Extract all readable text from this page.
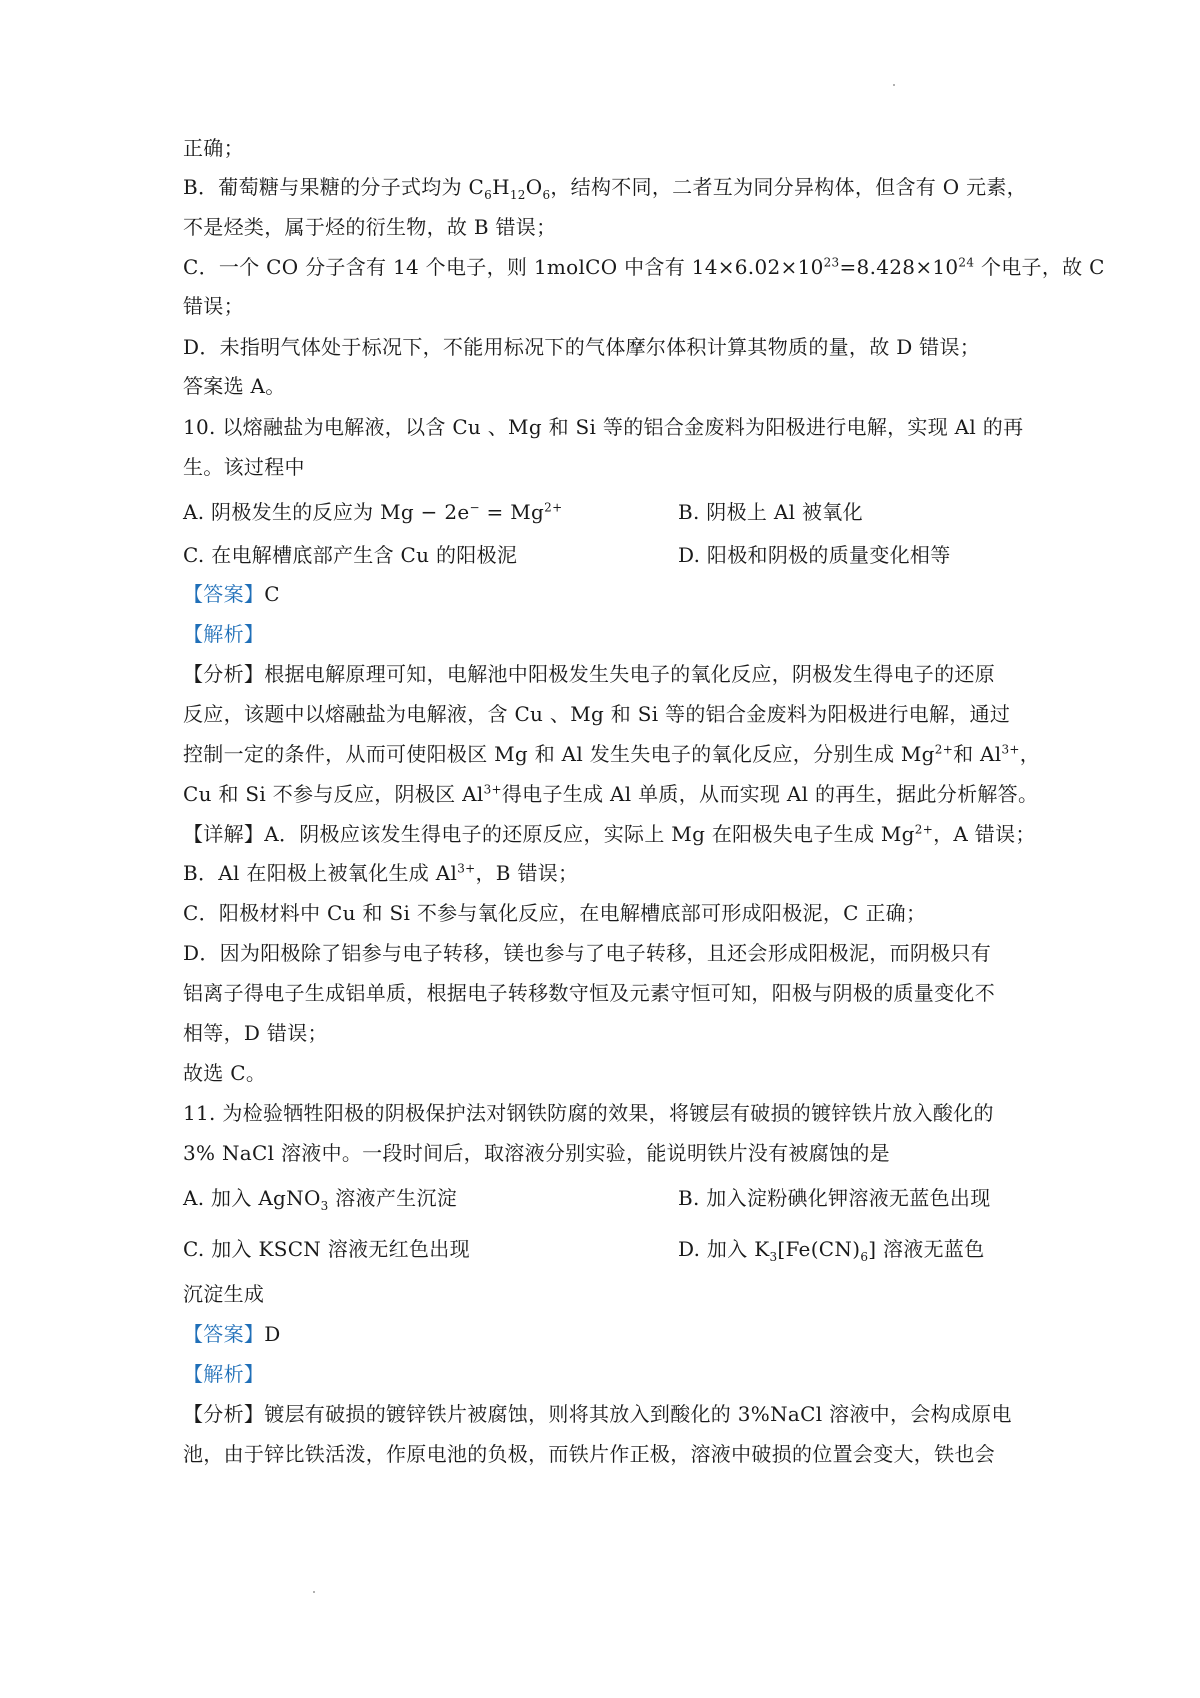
正确；
B．葡萄糖与果糖的分子式均为 $C_6H_{12}O_6$，结构不同，二者互为同分异构体，但含有 O 元素，
不是烃类，属于烃的衍生物，故 B 错误；
C．一个 CO 分子含有 14 个电子，则 1molCO 中含有 $14\times 6.02\times 10^{23}=8.428\times 10^{24}$ 个电子，故 C
错误；
D．未指明气体处于标况下，不能用标况下的气体摩尔体积计算其物质的量，故 D 错误；
答案选 A。
10. 以熔融盐为电解液，以含 Cu 、Mg 和 Si 等的铝合金废料为阳极进行电解，实现 Al 的再
生。该过程中
A. 阴极发生的反应为 $Mg - 2e^- = Mg^{2+}$	B. 阴极上 Al 被氧化
C. 在电解槽底部产生含 Cu 的阳极泥	D. 阳极和阴极的质量变化相等
【答案】C
【解析】
【分析】根据电解原理可知，电解池中阳极发生失电子的氧化反应，阴极发生得电子的还原
反应，该题中以熔融盐为电解液，含 Cu 、Mg 和 Si 等的铝合金废料为阳极进行电解，通过
控制一定的条件，从而可使阳极区 Mg 和 Al 发生失电子的氧化反应，分别生成 $Mg^{2+}$和 $Al^{3+}$，
Cu 和 Si 不参与反应，阴极区 $Al^{3+}$得电子生成 Al 单质，从而实现 Al 的再生，据此分析解答。
【详解】A．阴极应该发生得电子的还原反应，实际上 Mg 在阳极失电子生成 $Mg^{2+}$，A 错误；
B．Al 在阳极上被氧化生成 $Al^{3+}$，B 错误；
C．阳极材料中 Cu 和 Si 不参与氧化反应，在电解槽底部可形成阳极泥，C 正确；
D．因为阳极除了铝参与电子转移，镁也参与了电子转移，且还会形成阳极泥，而阴极只有
铝离子得电子生成铝单质，根据电子转移数守恒及元素守恒可知，阳极与阴极的质量变化不
相等，D 错误；
故选 C。
11. 为检验牺牲阳极的阴极保护法对钢铁防腐的效果，将镀层有破损的镀锌铁片放入酸化的
3% NaCl 溶液中。一段时间后，取溶液分别实验，能说明铁片没有被腐蚀的是
A. 加入 AgNO$_3$ 溶液产生沉淀	B. 加入淀粉碘化钾溶液无蓝色出现
C. 加入 KSCN 溶液无红色出现	D. 加入 $K_3[Fe(CN)_6]$ 溶液无蓝色
沉淀生成
【答案】D
【解析】
【分析】镀层有破损的镀锌铁片被腐蚀，则将其放入到酸化的 3%NaCl 溶液中，会构成原电
池，由于锌比铁活泼，作原电池的负极，而铁片作正极，溶液中破损的位置会变大，铁也会
